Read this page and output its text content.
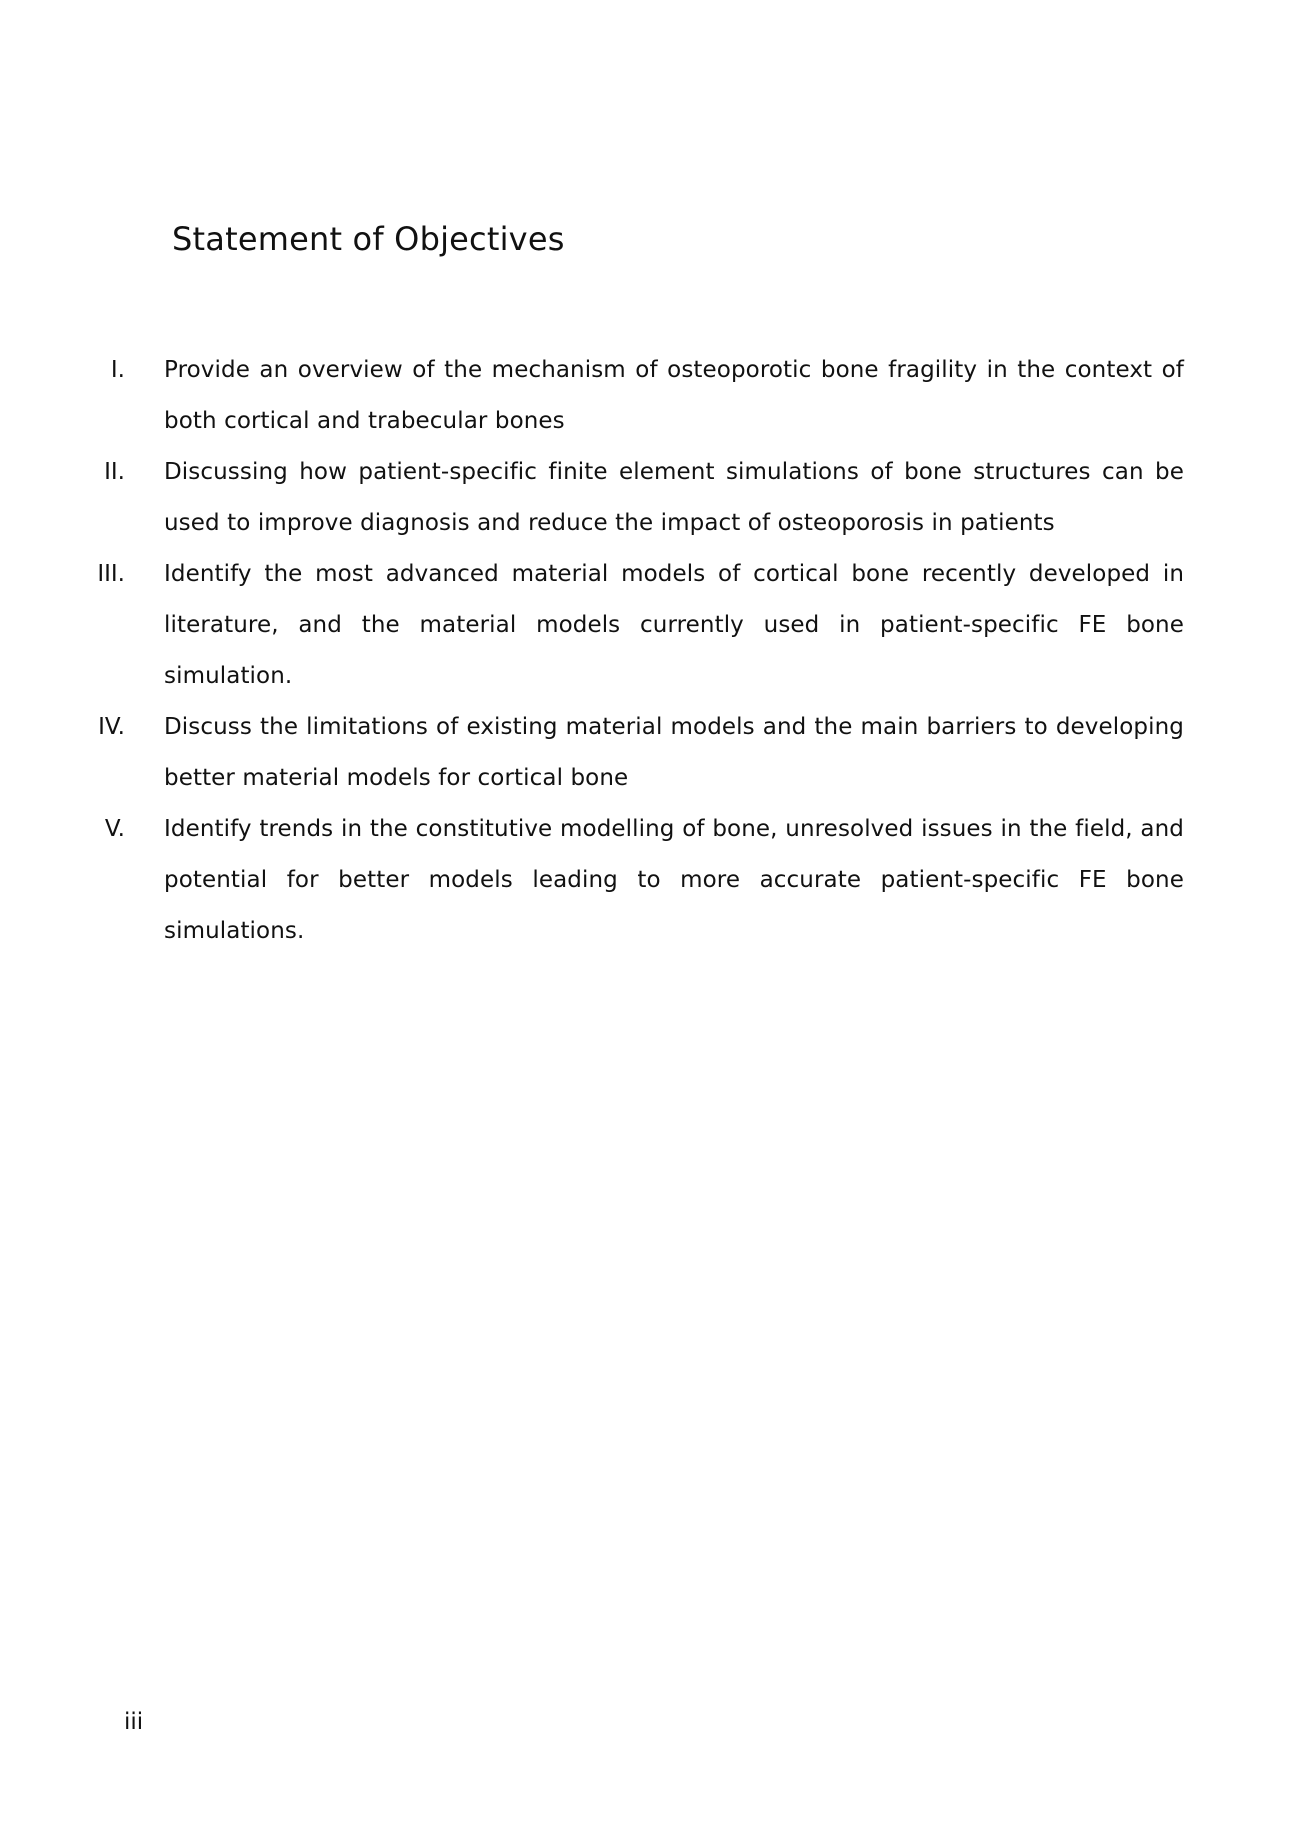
Statement of Objectives
I. Provide an overview of the mechanism of osteoporotic bone fragility in the context of both cortical and trabecular bones
II. Discussing how patient-specific finite element simulations of bone structures can be used to improve diagnosis and reduce the impact of osteoporosis in patients
III. Identify the most advanced material models of cortical bone recently developed in literature, and the material models currently used in patient-specific FE bone simulation.
IV. Discuss the limitations of existing material models and the main barriers to developing better material models for cortical bone
V. Identify trends in the constitutive modelling of bone, unresolved issues in the field, and potential for better models leading to more accurate patient-specific FE bone simulations.
iii
